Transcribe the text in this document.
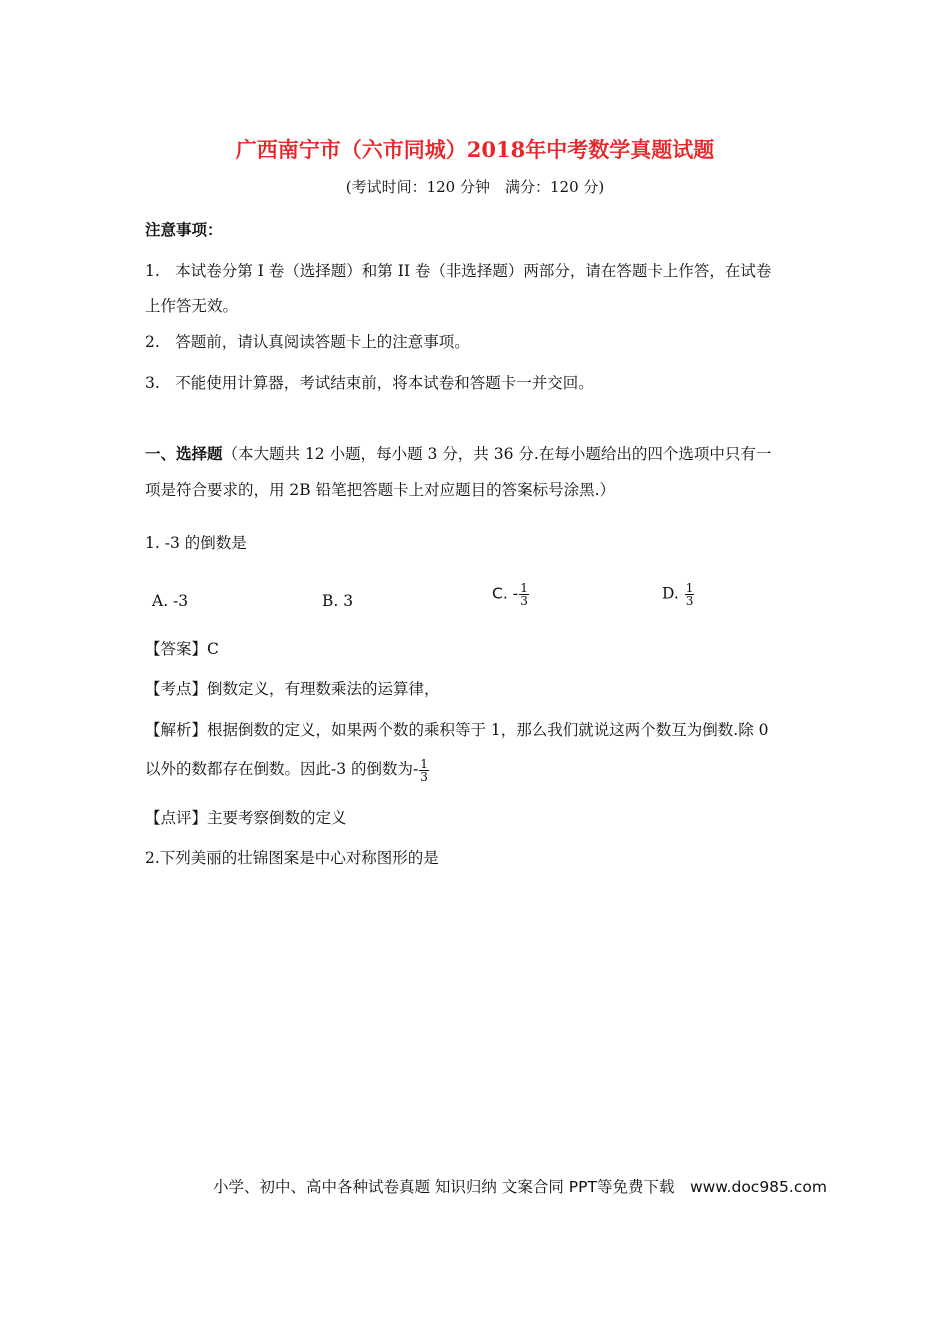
广西南宁市（六市同城）2018年中考数学真题试题
(考试时间：120 分钟　满分：120 分)
注意事项：
1.　本试卷分第 I 卷（选择题）和第 II 卷（非选择题）两部分，请在答题卡上作答，在试卷
上作答无效。
2.　答题前，请认真阅读答题卡上的注意事项。
3.　不能使用计算器，考试结束前，将本试卷和答题卡一并交回。
一、选择题（本大题共 12 小题，每小题 3 分，共 36 分.在每小题给出的四个选项中只有一
项是符合要求的，用 2B 铅笔把答题卡上对应题目的答案标号涂黑.）
1. -3 的倒数是
A. -3	B. 3	C. - $\frac{1}{3}$	D. $\frac{1}{3}$
【答案】C
【考点】倒数定义，有理数乘法的运算律，
【解析】根据倒数的定义，如果两个数的乘积等于 1，那么我们就说这两个数互为倒数.除 0
以外的数都存在倒数。因此-3 的倒数为- $\frac{1}{3}$
【点评】主要考察倒数的定义
2.下列美丽的壮锦图案是中心对称图形的是
小学、初中、高中各种试卷真题 知识归纳 文案合同 PPT等免费下载　www.doc985.com
